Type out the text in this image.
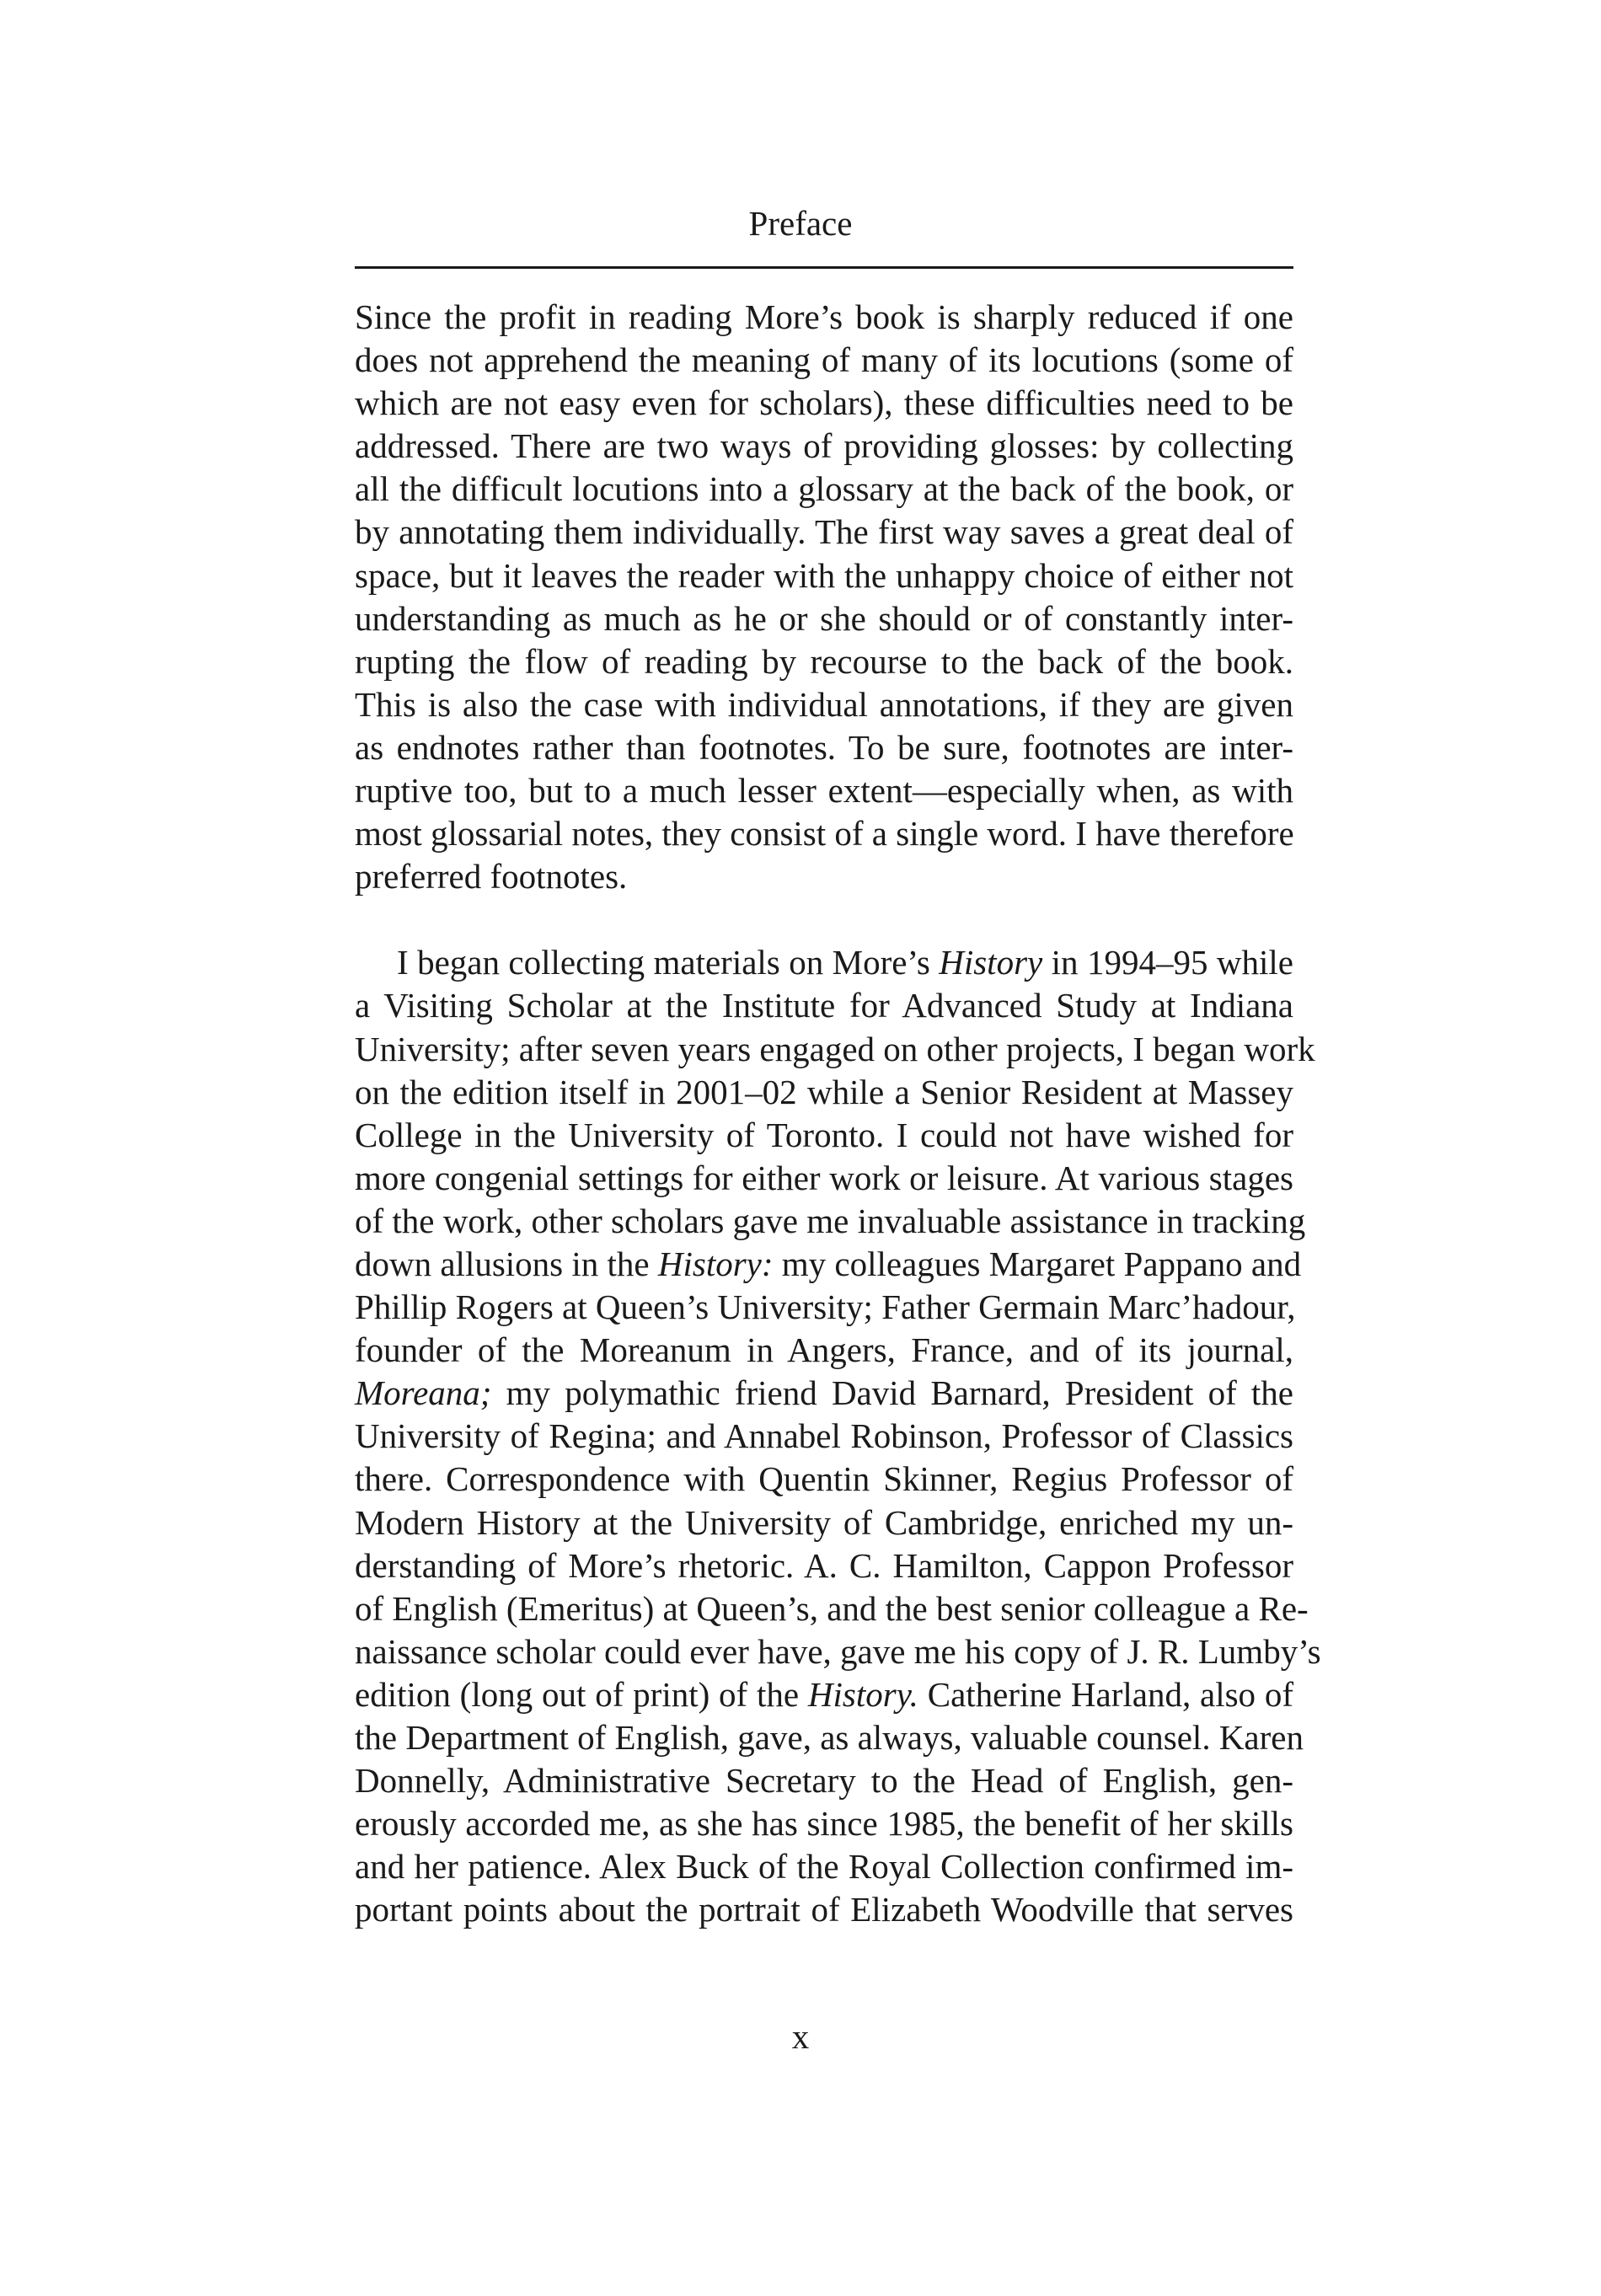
Preface
Since the profit in reading More’s book is sharply reduced if one
does not apprehend the meaning of many of its locutions (some of
which are not easy even for scholars), these difficulties need to be
addressed. There are two ways of providing glosses: by collecting
all the difficult locutions into a glossary at the back of the book, or
by annotating them individually. The first way saves a great deal of
space, but it leaves the reader with the unhappy choice of either not
understanding as much as he or she should or of constantly inter-
rupting the flow of reading by recourse to the back of the book.
This is also the case with individual annotations, if they are given
as endnotes rather than footnotes. To be sure, footnotes are inter-
ruptive too, but to a much lesser extent—especially when, as with
most glossarial notes, they consist of a single word. I have therefore
preferred footnotes.
I began collecting materials on More’s History in 1994–95 while
a Visiting Scholar at the Institute for Advanced Study at Indiana
University; after seven years engaged on other projects, I began work
on the edition itself in 2001–02 while a Senior Resident at Massey
College in the University of Toronto. I could not have wished for
more congenial settings for either work or leisure. At various stages
of the work, other scholars gave me invaluable assistance in tracking
down allusions in the History: my colleagues Margaret Pappano and
Phillip Rogers at Queen’s University; Father Germain Marc’hadour,
founder of the Moreanum in Angers, France, and of its journal,
Moreana; my polymathic friend David Barnard, President of the
University of Regina; and Annabel Robinson, Professor of Classics
there. Correspondence with Quentin Skinner, Regius Professor of
Modern History at the University of Cambridge, enriched my un-
derstanding of More’s rhetoric. A. C. Hamilton, Cappon Professor
of English (Emeritus) at Queen’s, and the best senior colleague a Re-
naissance scholar could ever have, gave me his copy of J. R. Lumby’s
edition (long out of print) of the History. Catherine Harland, also of
the Department of English, gave, as always, valuable counsel. Karen
Donnelly, Administrative Secretary to the Head of English, gen-
erously accorded me, as she has since 1985, the benefit of her skills
and her patience. Alex Buck of the Royal Collection confirmed im-
portant points about the portrait of Elizabeth Woodville that serves
x
